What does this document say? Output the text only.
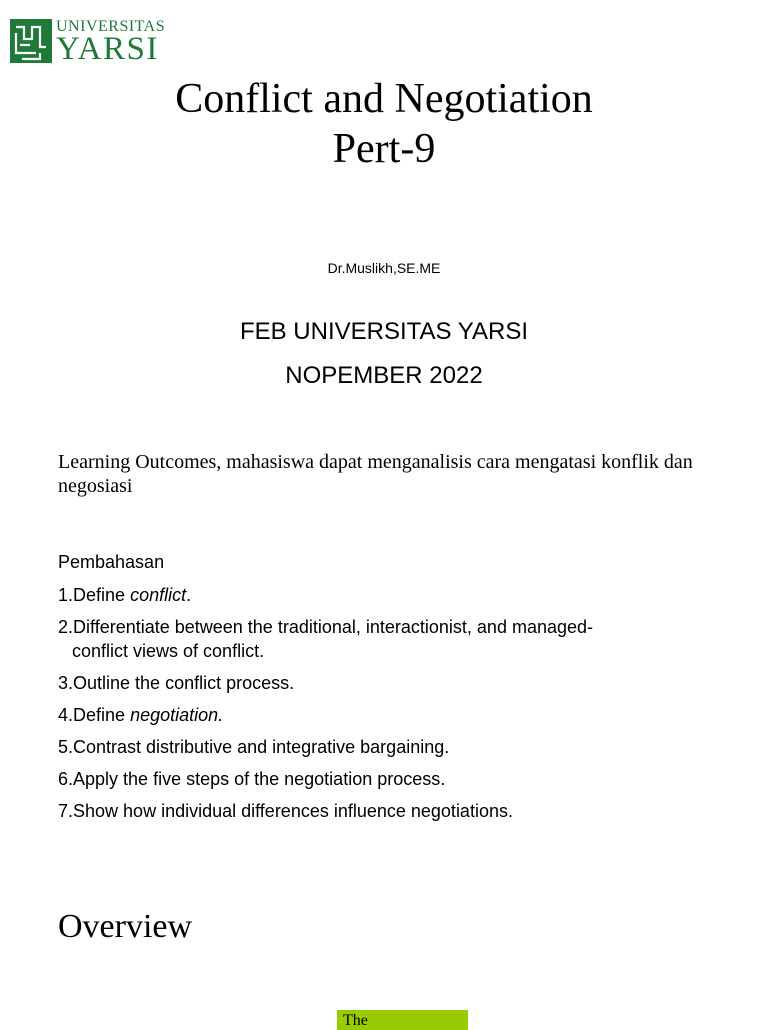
UNIVERSITAS
YARSI
Conflict and Negotiation
Pert-9
Dr.Muslikh,SE.ME
FEB UNIVERSITAS YARSI
NOPEMBER 2022
Learning Outcomes, mahasiswa dapat menganalisis cara mengatasi konflik dan negosiasi
Pembahasan
1.Define conflict.
2.Differentiate between the traditional, interactionist, and managed-
conflict views of conflict.
3.Outline the conflict process.
4.Define negotiation.
5.Contrast distributive and integrative bargaining.
6.Apply the five steps of the negotiation process.
7.Show how individual differences influence negotiations.
Overview
The
